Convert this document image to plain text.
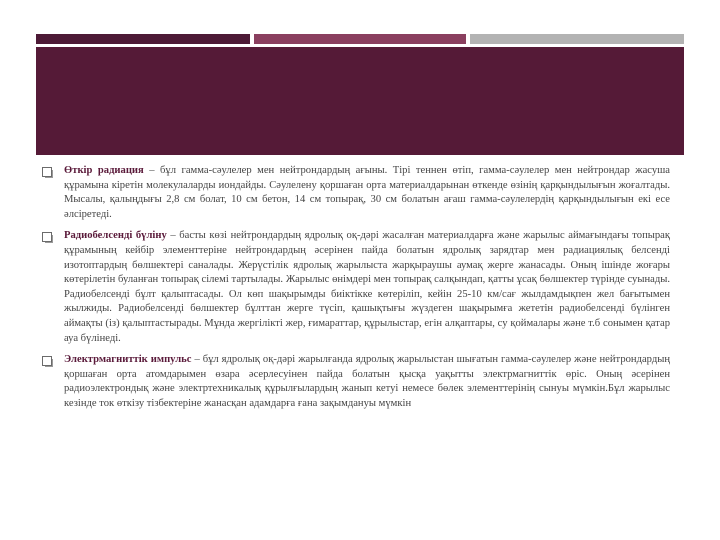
Өткір радиация – бұл гамма-сәулелер мен нейтрондардың ағыны. Тірі теннен өтіп, гамма-сәулелер мен нейтрондар жасуша құрамына кіретін молекулаларды иондайды. Сәулелену қоршаған орта материалдарынан өткенде өзінің қарқындылығын жоғалтады. Мысалы, қалыңдығы 2,8 см болат, 10 см бетон, 14 см топырақ, 30 см болатын ағаш гамма-сәулелердің қарқындылығын екі есе әлсіретеді.
Радиобелсенді бүліну – басты көзі нейтрондардың ядролық оқ-дәрі жасалған материалдарға және жарылыс аймағындағы топырақ құрамының кейбір элементтеріне нейтрондардың әсерінен пайда болатын ядролық зарядтар мен радиациялық белсенді изотоптардың бөлшектері саналады. Жерүстілік ядролық жарылыста жарқыраушы аумақ жерге жанасады. Оның ішінде жоғары көтерілетін буланған топырақ сілемі тартылады. Жарылыс өнімдері мен топырақ салқындап, қатты ұсақ бөлшектер түрінде суынады. Радиобелсенді бұлт қалыптасады. Ол көп шақырымды биіктікке көтеріліп, кейін 25-10 км/сағ жылдамдықпен жел бағытымен жылжиды. Радиобелсенді бөлшектер бұлттан жерге түсіп, қашықтығы жүздеген шақырымға жететін радиобелсенді бүлінген аймақты (із) қалыптастырады. Мұнда жергілікті жер, ғимараттар, құрылыстар, егін алқаптары, су қоймалары және т.б сонымен қатар ауа бүлінеді.
Электрмагниттік импульс – бұл ядролық оқ-дәрі жарылғанда ядролық жарылыстан шығатын гамма-сәулелер және нейтрондардың қоршаған орта атомдарымен өзара әсерлесуінен пайда болатын қысқа уақытты электрмагниттік өріс. Оның әсерінен радиоэлектрондық және электртехникалық құрылғылардың жанып кетуі немесе бөлек элементтерінің сынуы мүмкін.Бұл жарылыс кезінде ток өткізу тізбектеріне жанасқан адамдарға ғана зақымдануы мүмкін
